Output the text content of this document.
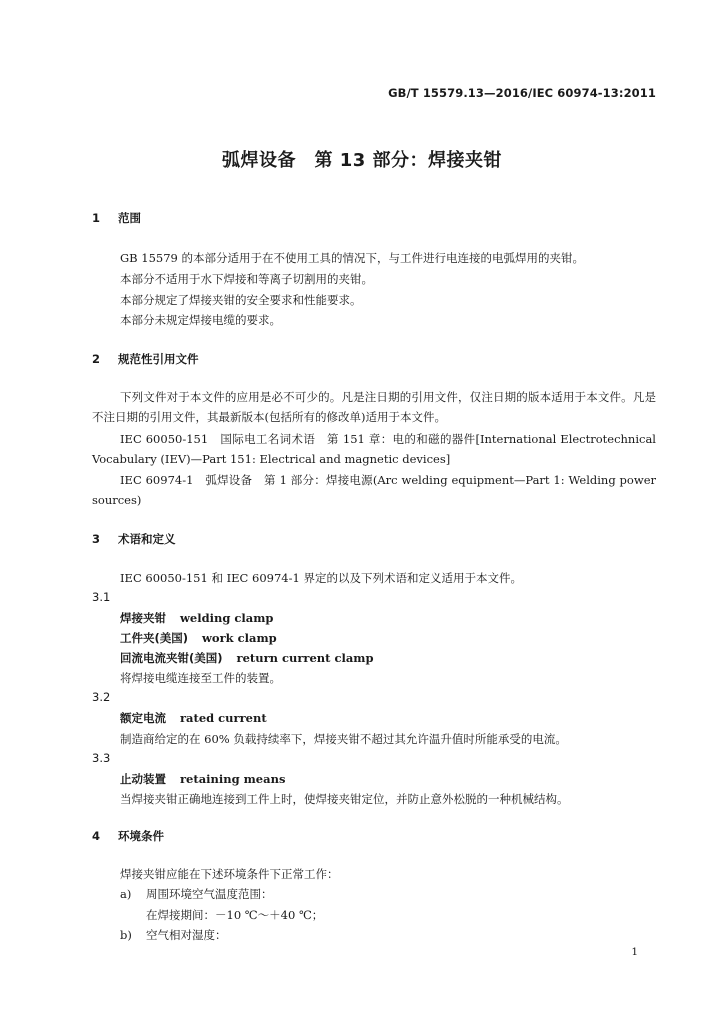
GB/T 15579.13—2016/IEC 60974-13:2011
弧焊设备　第 13 部分：焊接夹钳
1 范围
GB 15579 的本部分适用于在不使用工具的情况下，与工件进行电连接的电弧焊用的夹钳。
本部分不适用于水下焊接和等离子切割用的夹钳。
本部分规定了焊接夹钳的安全要求和性能要求。
本部分未规定焊接电缆的要求。
2 规范性引用文件
下列文件对于本文件的应用是必不可少的。凡是注日期的引用文件，仅注日期的版本适用于本文件。凡是不注日期的引用文件，其最新版本(包括所有的修改单)适用于本文件。
IEC 60050-151　国际电工名词术语　第 151 章：电的和磁的器件[International Electrotechnical Vocabulary (IEV)—Part 151: Electrical and magnetic devices]
IEC 60974-1　弧焊设备　第 1 部分：焊接电源(Arc welding equipment—Part 1: Welding power sources)
3 术语和定义
IEC 60050-151 和 IEC 60974-1 界定的以及下列术语和定义适用于本文件。
3.1
焊接夹钳 welding clamp
工件夹(美国) work clamp
回流电流夹钳(美国) return current clamp
将焊接电缆连接至工件的装置。
3.2
额定电流 rated current
制造商给定的在 60% 负载持续率下，焊接夹钳不超过其允许温升值时所能承受的电流。
3.3
止动装置 retaining means
当焊接夹钳正确地连接到工件上时，使焊接夹钳定位，并防止意外松脱的一种机械结构。
4 环境条件
焊接夹钳应能在下述环境条件下正常工作：
a) 周围环境空气温度范围：
在焊接期间：－10 ℃～＋40 ℃；
b) 空气相对湿度：
1
